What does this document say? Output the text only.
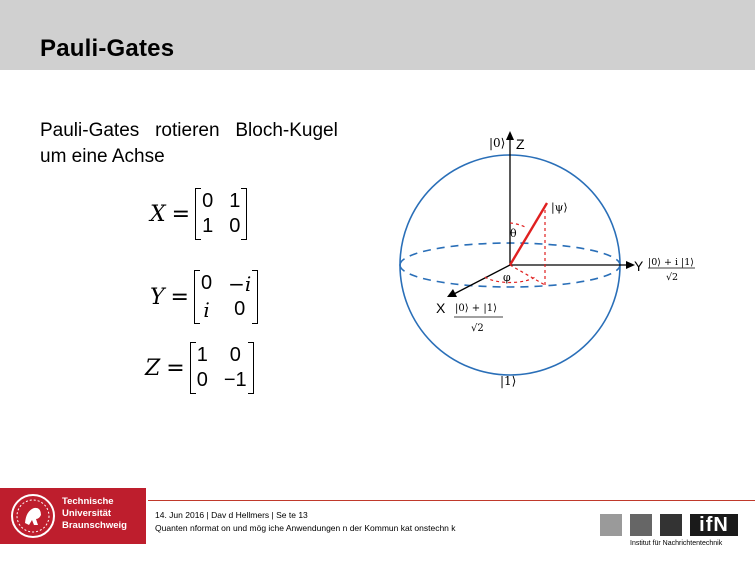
Pauli-Gates
Pauli-Gates   rotieren   Bloch-Kugel
um eine Achse
X =
0 1
1 0
Y =
0 −i
i	0
Z =
1 0
0 −1
|0⟩ Z
|ψ⟩
θ
φ
Y |0⟩ + i |1⟩
√2
X |0⟩ + |1⟩
√2
|1⟩
Technische
Universität
Braunschweig
14. Jun 2016 | Dav d Hellmers | Se te 13
Quanten nformat on und mög iche Anwendungen n der Kommun kat onstechn k	ifN
Institut für Nachrichtentechnik
